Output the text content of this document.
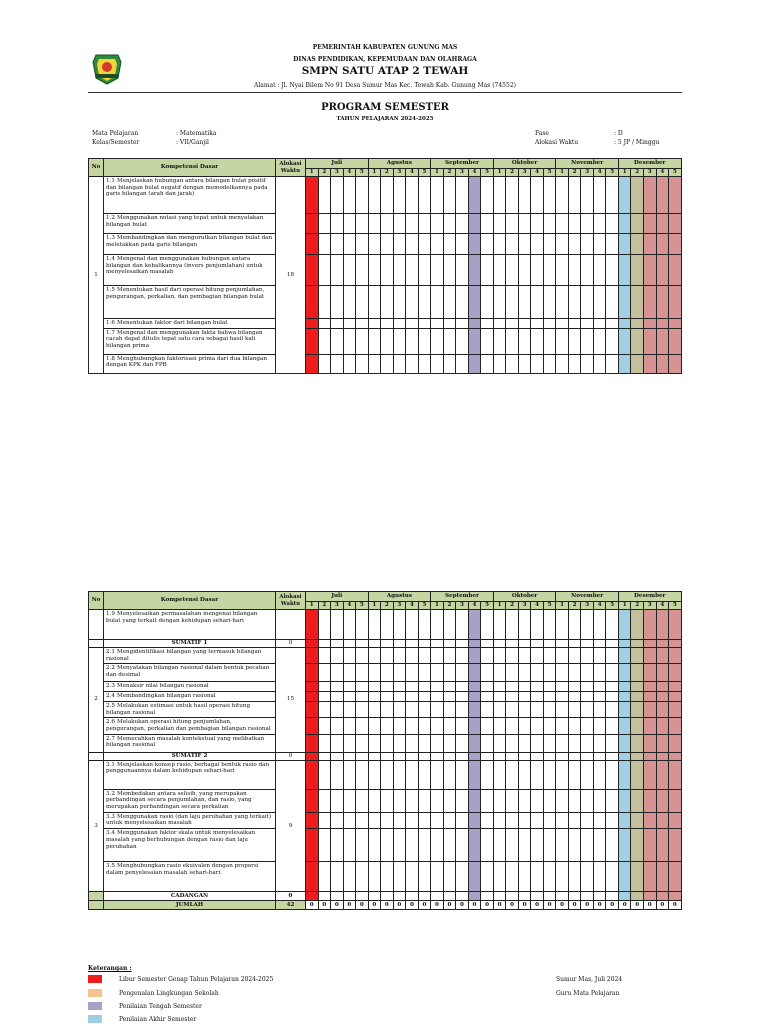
PEMERINTAH KABUPATEN GUNUNG MAS
DINAS PENDIDIKAN, KEPEMUDAAN DAN OLAHRAGA
SMPN SATU ATAP 2 TEWAH
Alamat : Jl. Nyai Bilem No 91 Desa Sumur Mas Kec. Tewah Kab. Gunung Mas (74552)
PROGRAM SEMESTER
TAHUN PELAJARAN 2024-2025
Mata Pelajaran	: Matematika
Kelas/Semester	: VII/Ganjil
Fase	: D
Alokasi Waktu	: 5 JP / Minggu
No	Kompetensi Dasar	Alokasi Waktu	Juli					Agustus					September					Oktober					November					Desember				
			1	2	3	4	5	1	2	3	4	5	1	2	3	4	5	1	2	3	4	5	1	2	3	4	5	1	2	3	4	5
1	1.1 Menjelaskan hubungan antara bilangan bulat positif dan bilangan bulat negatif dengan memodelkannya pada garis bilangan (arah dan jarak)	18																														
	1.2 Menggunakan notasi yang tepat untuk menyatakan bilangan bulat																															
	1.3 Membandingkan dan mengurutkan bilangan bulat dan meletakkan pada garis bilangan																															
	1.4 Mengenal dan menggunakan hubungan antara bilangan dan kebalikannya (invers penjumlahan) untuk menyelesaikan masalah																															
	1.5 Menentukan hasil dari operasi hitung penjumlahan, pengurangan, perkalian, dan pembagian bilangan bulat																															
	1.6 Menentukan faktor dari bilangan bulat																															
	1.7 Mengenal dan menggunakan fakta bahwa bilangan cacah dapat ditulis tepat satu cara sebagai hasil kali bilangan prima																															
	1.8 Menghubungkan faktorisasi prima dari dua bilangan dengan KPK dan FPB																															
No	Kompetensi Dasar	Alokasi Waktu	Juli					Agustus					September					Oktober					November					Desember				
			1	2	3	4	5	1	2	3	4	5	1	2	3	4	5	1	2	3	4	5	1	2	3	4	5	1	2	3	4	5
	1.9 Menyelesaikan permasalahan mengenai bilangan bulat yang terkait dengan kehidupan sehari-hari																															
	SUMATIF 1	0																														
2	2.1 Mengidentifikasi bilangan yang termasuk bilangan rasional	15																														
	2.2 Menyatakan bilangan rasional dalam bentuk pecahan dan desimal																															
	2.3 Menaksir nilai bilangan rasional																															
	2.4 Membandingkan bilangan rasional																															
	2.5 Melakukan estimasi untuk hasil operasi hitung bilangan rasional																															
	2.6 Melakukan operasi hitung penjumlahan, pengurangan, perkalian dan pembagian bilangan rasional																															
	2.7 Memecahkan masalah kontekstual yang melibatkan bilangan rasional																															
	SUMATIF 2	0																														
3	3.1 Menjelaskan konsep rasio, berbagai bentuk rasio dan penggunaannya dalam kehidupan sehari-hari	9																														
	3.2 Membedakan antara selisih, yang merupakan perbandingan secara penjumlahan, dan rasio, yang merupakan perbandingan secara perkalian																															
	3.3 Menggunakan rasio (dan laju perubahan yang terkait) untuk menyelesaikan masalah																															
	3.4 Menggunakan faktor skala untuk menyelesaikan masalah yang berhubungan dengan rasio dan laju perubahan																															
	3.5 Menghubungkan rasio ekuivalen dengan proporsi dalam penyelesaian masalah sehari-hari.																															
	CADANGAN	0																														
	JUMLAH	42	0	0	0	0	0	0	0	0	0	0	0	0	0	0	0	0	0	0	0	0	0	0	0	0	0	0	0	0	0	0
Keterangan :
Libur Semester Genap Tahun Pelajaran 2024-2025
Pengenalan Lingkungan Sekolah
Penilaian Tengah Semester
Penilaian Akhir Semester
Sumur Mas, Juli 2024
Guru Mata Pelajaran
